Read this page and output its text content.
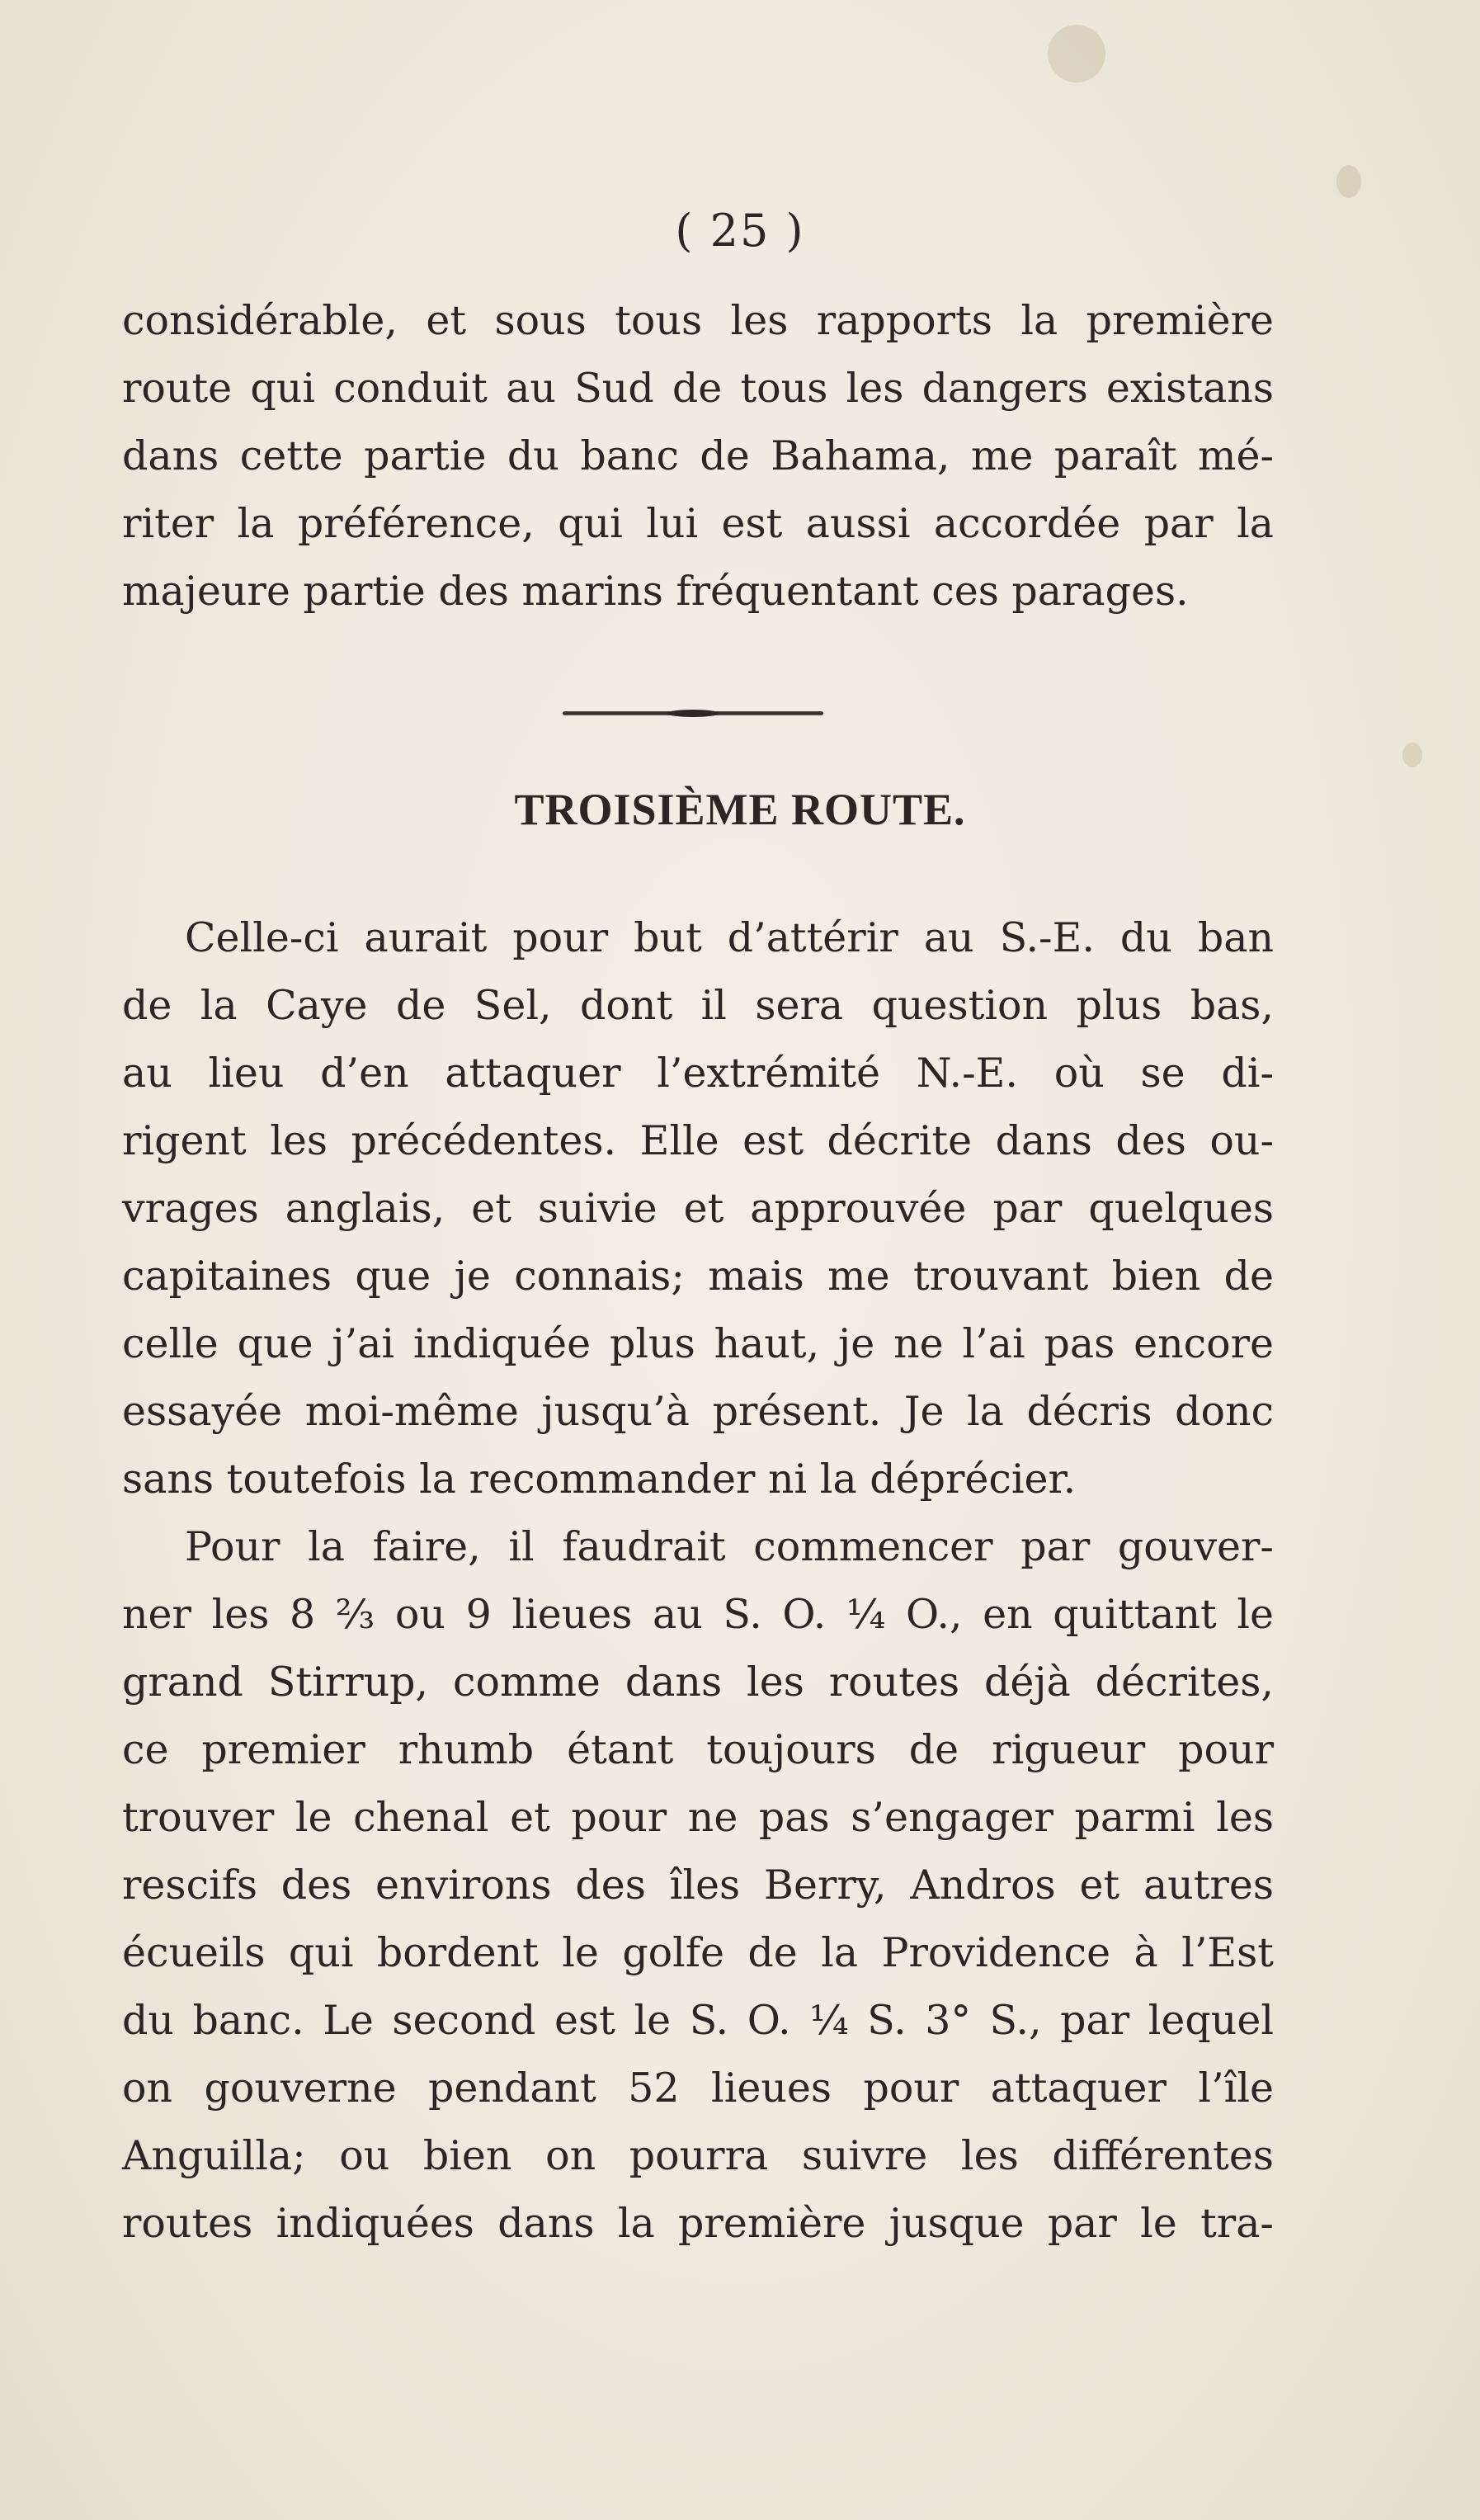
( 25 )
considérable, et sous tous les rapports la première
route qui conduit au Sud de tous les dangers existans
dans cette partie du banc de Bahama, me paraît mé-
riter la préférence, qui lui est aussi accordée par la
majeure partie des marins fréquentant ces parages.
TROISIÈME ROUTE.
Celle-ci aurait pour but d’attérir au S.-E. du ban
de la Caye de Sel, dont il sera question plus bas,
au lieu d’en attaquer l’extrémité N.-E. où se di-
rigent les précédentes. Elle est décrite dans des ou-
vrages anglais, et suivie et approuvée par quelques
capitaines que je connais; mais me trouvant bien de
celle que j’ai indiquée plus haut, je ne l’ai pas encore
essayée moi-même jusqu’à présent. Je la décris donc
sans toutefois la recommander ni la déprécier.
Pour la faire, il faudrait commencer par gouver-
ner les 8 ⅔ ou 9 lieues au S. O. ¼ O., en quittant le
grand Stirrup, comme dans les routes déjà décrites,
ce premier rhumb étant toujours de rigueur pour
trouver le chenal et pour ne pas s’engager parmi les
rescifs des environs des îles Berry, Andros et autres
écueils qui bordent le golfe de la Providence à l’Est
du banc. Le second est le S. O. ¼ S. 3° S., par lequel
on gouverne pendant 52 lieues pour attaquer l’île
Anguilla; ou bien on pourra suivre les différentes
routes indiquées dans la première jusque par le tra-
